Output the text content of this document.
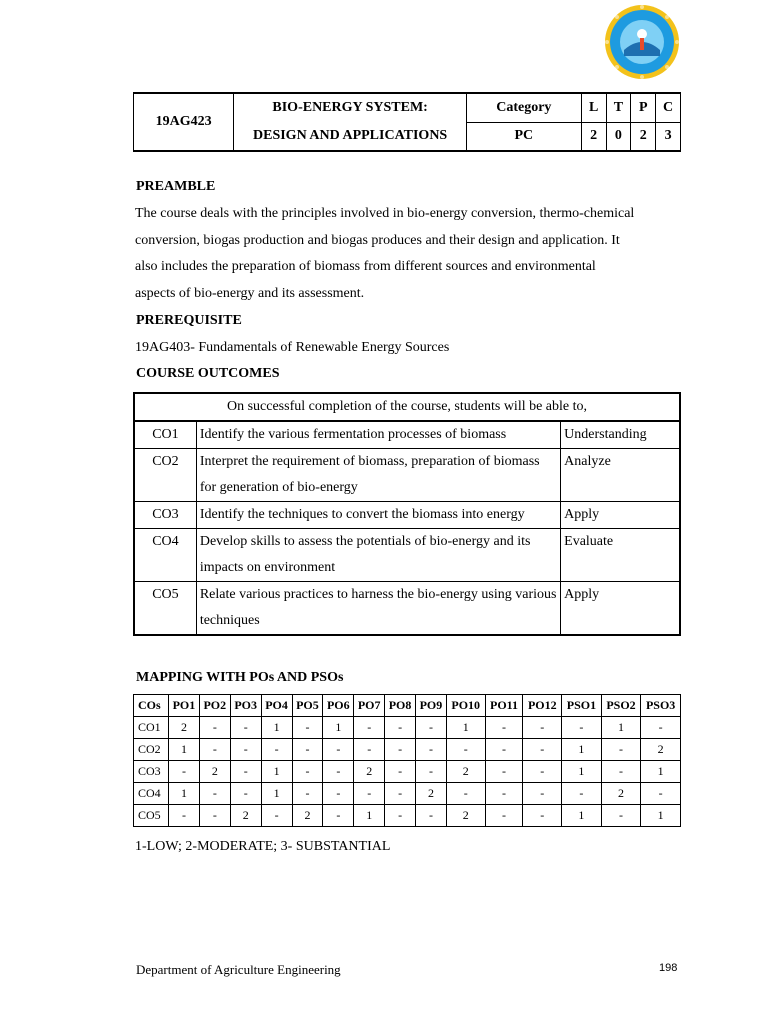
19AG423	BIO-ENERGY SYSTEM:	Category	L	T	P	C
	DESIGN AND APPLICATIONS	PC	2	0	2	3
PREAMBLE
The course deals with the principles involved in bio-energy conversion, thermo-chemical
conversion, biogas production and biogas produces and their design and application. It
also includes the preparation of biomass from different sources and environmental
aspects of bio-energy and its assessment.
PREREQUISITE
19AG403- Fundamentals of Renewable Energy Sources
COURSE OUTCOMES
On successful completion of the course, students will be able to,		
CO1	Identify the various fermentation processes of biomass	Understanding
CO2	Interpret the requirement of biomass, preparation of biomass for generation of bio-energy	Analyze
CO3	Identify the techniques to convert the biomass into energy	Apply
CO4	Develop skills to assess the potentials of bio-energy and its impacts on environment	Evaluate
CO5	Relate various practices to harness the bio-energy using various techniques	Apply
MAPPING WITH POs AND PSOs
COs	PO1	PO2	PO3	PO4	PO5	PO6	PO7	PO8	PO9	PO10	PO11	PO12	PSO1	PSO2	PSO3
CO1	2	-	-	1	-	1	-	-	-	1	-	-	-	1	-
CO2	1	-	-	-	-	-	-	-	-	-	-	-	1	-	2
CO3	-	2	-	1	-	-	2	-	-	2	-	-	1	-	1
CO4	1	-	-	1	-	-	-	-	2	-	-	-	-	2	-
CO5	-	-	2	-	2	-	1	-	-	2	-	-	1	-	1
1-LOW; 2-MODERATE; 3- SUBSTANTIAL
Department of Agriculture Engineering	198
